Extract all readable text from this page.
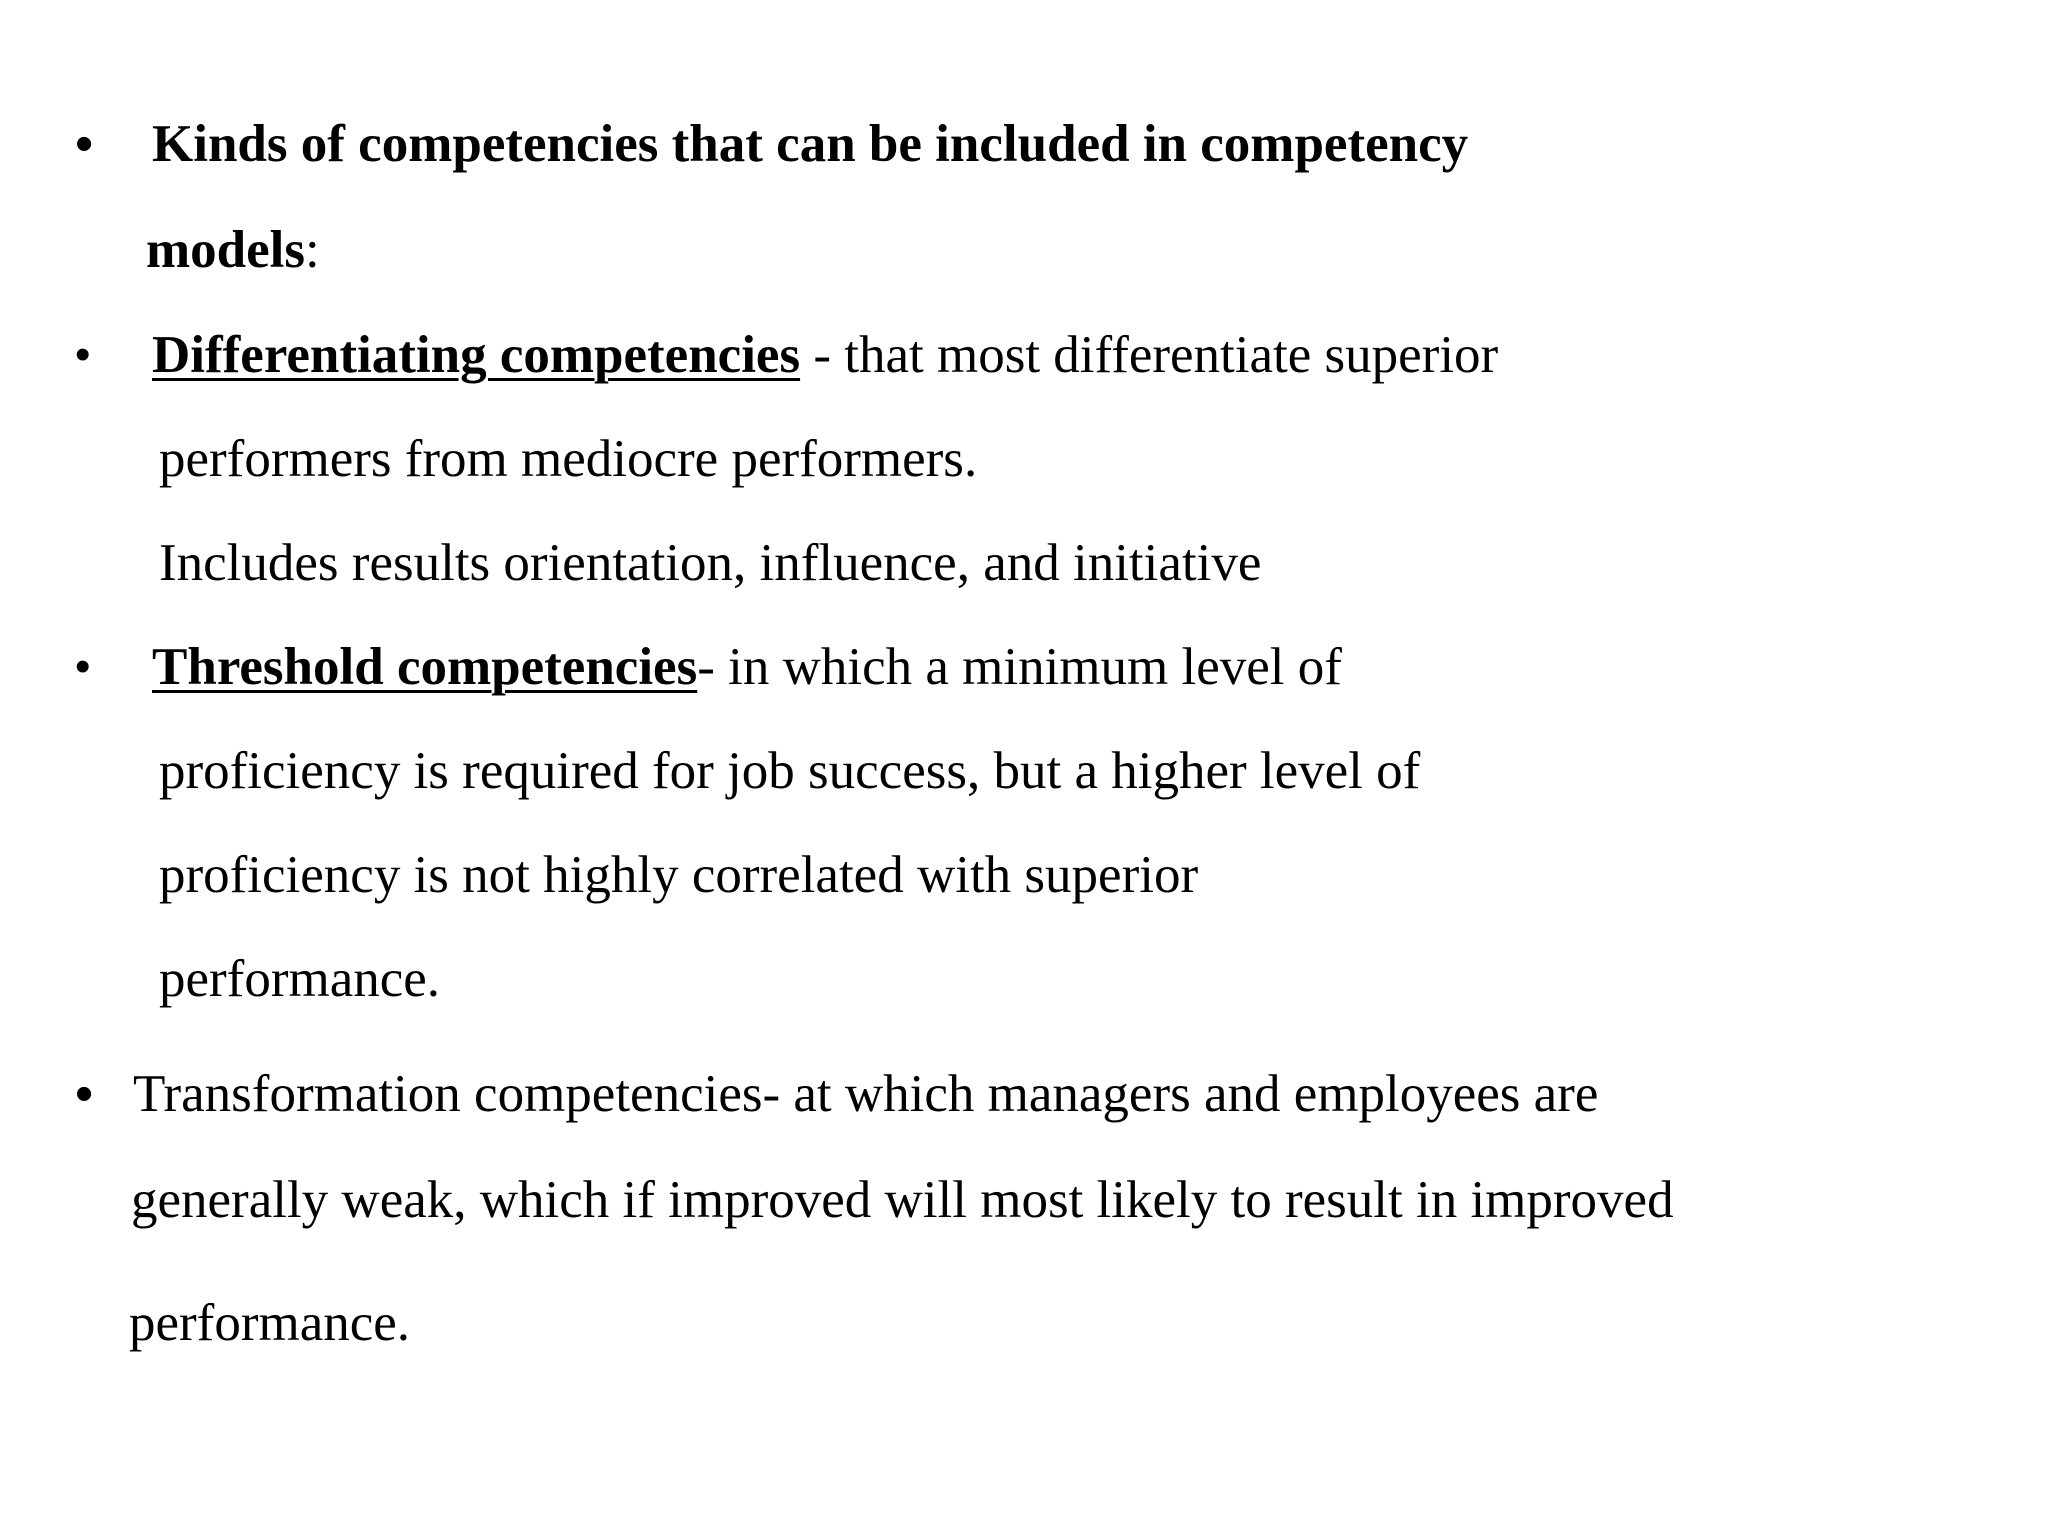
• Kinds of competencies that can be included in competency
models:
• Differentiating competencies - that most differentiate superior
performers from mediocre performers.
Includes results orientation, influence, and initiative
• Threshold competencies- in which a minimum level of
proficiency is required for job success, but a higher level of
proficiency is not highly correlated with superior
performance.
• Transformation competencies- at which managers and employees are
generally weak, which if improved will most likely to result in improved
performance.
